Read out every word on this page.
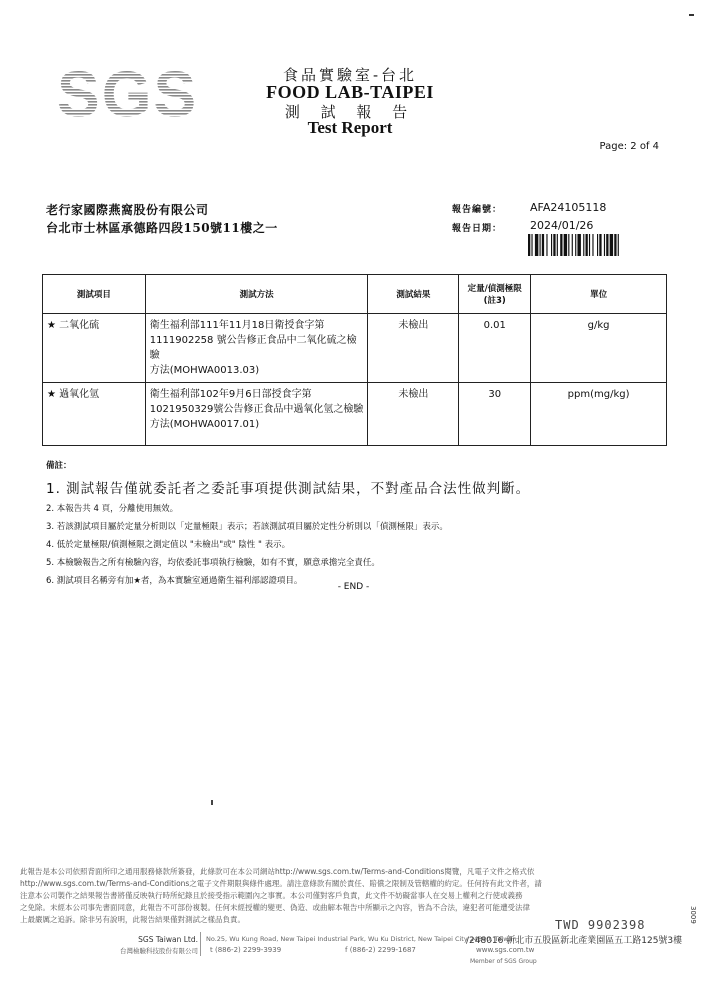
SGS	食品實驗室-台北
FOOD LAB-TAIPEI
測 試 報 告
Test Report
Page: 2 of 4
老行家國際燕窩股份有限公司
台北市士林區承德路四段150號11樓之一
報告編號：	AFA24105118
報告日期：	2024/01/26
測試項目	測試方法	測試結果	定量/偵測極限(註3)	單位
★ 二氧化硫	衛生福利部111年11月18日衛授食字第
1111902258 號公告修正食品中二氧化硫之檢驗
方法(MOHWA0013.03)	未檢出	0.01	g/kg
★ 過氧化氫	衛生福利部102年9月6日部授食字第
1021950329號公告修正食品中過氧化氫之檢驗
方法(MOHWA0017.01)	未檢出	30	ppm(mg/kg)
備註：
1. 測試報告僅就委託者之委託事項提供測試結果，不對產品合法性做判斷。
2. 本報告共 4 頁，分離使用無效。
3. 若該測試項目屬於定量分析則以「定量極限」表示；若該測試項目屬於定性分析則以「偵測極限」表示。
4. 低於定量極限/偵測極限之測定值以 "未檢出"或" 陰性 " 表示。
5. 本檢驗報告之所有檢驗內容，均依委託事項執行檢驗，如有不實，願意承擔完全責任。
6. 測試項目名稱旁有加★者，為本實驗室通過衛生福利部認證項目。
- END -
此報告是本公司依照背面所印之通用服務條款所簽發，此條款可在本公司網站http://www.sgs.com.tw/Terms-and-Conditions閱覽，凡電子文件之格式依
http://www.sgs.com.tw/Terms-and-Conditions之電子文件期限與條件處理。請注意條款有關於責任、賠償之限制及管轄權的約定。任何持有此文件者，請
注意本公司製作之結果報告書將僅反映執行時所紀錄且於接受指示範圍內之事實。本公司僅對客戶負責，此文件不妨礙當事人在交易上權利之行使或義務
之免除。未經本公司事先書面同意，此報告不可部份複製。任何未經授權的變更、偽造、或曲解本報告中所顯示之內容，皆為不合法，違犯者可能遭受法律
上最嚴厲之追訴。除非另有說明，此報告結果僅對測試之樣品負責。	TWD 9902398
3009
SGS Taiwan Ltd.
台灣檢驗科技股份有限公司
No.25, Wu Kung Road, New Taipei Industrial Park, Wu Ku District, New Taipei City 24890, Taiwan
/248016 新北市五股區新北產業園區五工路125號3樓
t (886-2) 2299-3939	f (886-2) 2299-1687	www.sgs.com.tw
Member of SGS Group
